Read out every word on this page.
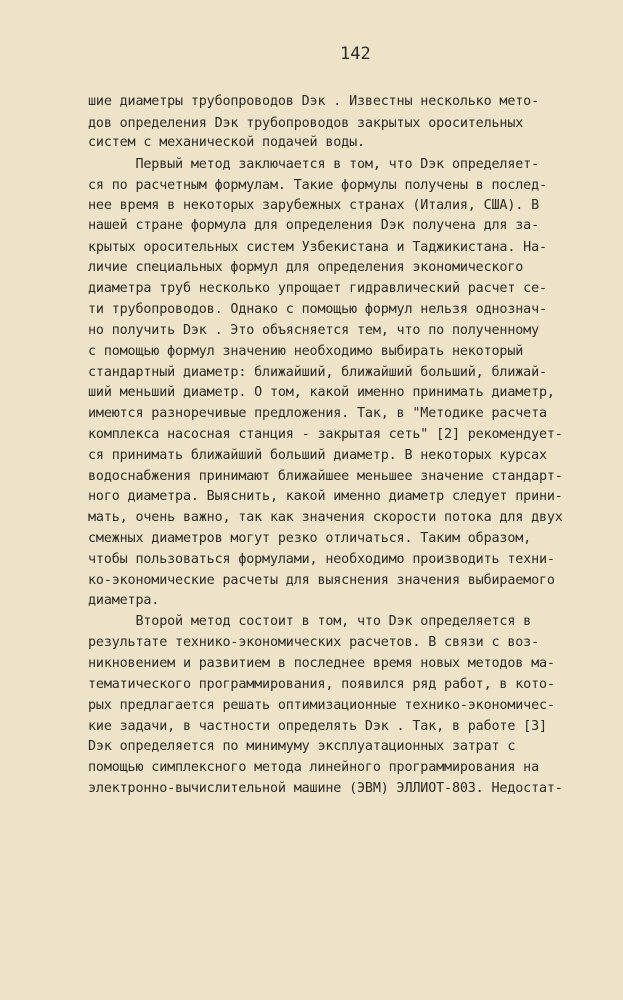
142
шие диаметры трубопроводов Dэк . Известны несколько мето-
дов определения Dэк трубопроводов закрытых оросительных
систем с механической подачей воды.
Первый метод заключается в том, что Dэк определяет-
ся по расчетным формулам. Такие формулы получены в послед-
нее время в некоторых зарубежных странах (Италия, США). В
нашей стране формула для определения Dэк получена для за-
крытых оросительных систем Узбекистана и Таджикистана. На-
личие специальных формул для определения экономического
диаметра труб несколько упрощает гидравлический расчет се-
ти трубопроводов. Однако с помощью формул нельзя однознач-
но получить Dэк . Это объясняется тем, что по полученному
с помощью формул значению необходимо выбирать некоторый
стандартный диаметр: ближайший, ближайший больший, ближай-
ший меньший диаметр. О том, какой именно принимать диаметр,
имеются разноречивые предложения. Так, в "Методике расчета
комплекса насосная станция - закрытая сеть" [2] рекомендует-
ся принимать ближайший больший диаметр. В некоторых курсах
водоснабжения принимают ближайшее меньшее значение стандарт-
ного диаметра. Выяснить, какой именно диаметр следует прини-
мать, очень важно, так как значения скорости потока для двух
смежных диаметров могут резко отличаться. Таким образом,
чтобы пользоваться формулами, необходимо производить техни-
ко-экономические расчеты для выяснения значения выбираемого
диаметра.
Второй метод состоит в том, что Dэк определяется в
результате технико-экономических расчетов. В связи с воз-
никновением и развитием в последнее время новых методов ма-
тематического программирования, появился ряд работ, в кото-
рых предлагается решать оптимизационные технико-экономичес-
кие задачи, в частности определять Dэк . Так, в работе [3]
Dэк определяется по минимуму эксплуатационных затрат с
помощью симплексного метода линейного программирования на
электронно-вычислительной машине (ЭВМ) ЭЛЛИОТ-803. Недостат-
